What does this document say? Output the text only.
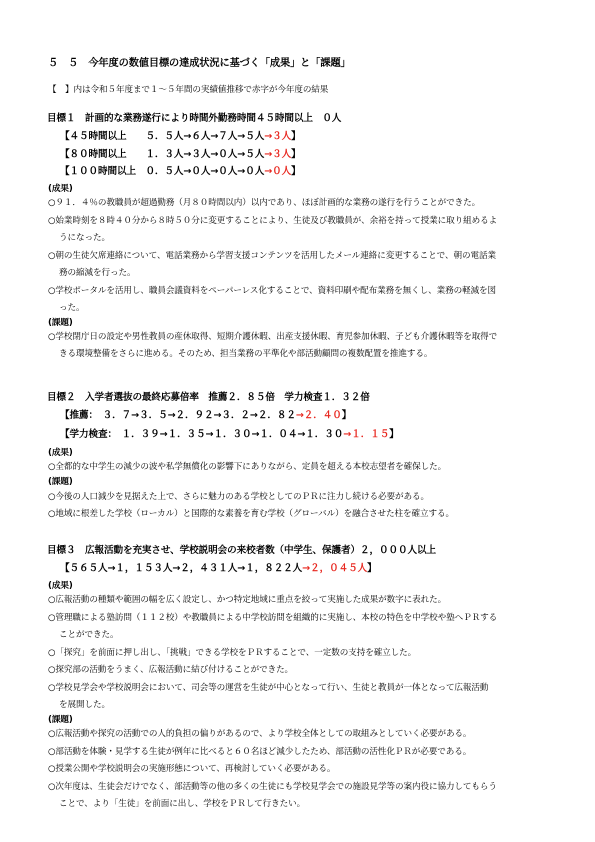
５　５　今年度の数値目標の達成状況に基づく「成果」と「課題」
【　】内は令和５年度まで１～５年間の実績値推移で赤字が今年度の結果
目標１　計画的な業務遂行により時間外勤務時間４５時間以上　０人
【４５時間以上　　５．５人→６人→７人→５人→３人】
【８０時間以上　　１．３人→３人→０人→５人→３人】
【１００時間以上　０．５人→０人→０人→０人→０人】
(成果)
○９１．４％の教職員が超過勤務（月８０時間以内）以内であり、ほぼ計画的な業務の遂行を行うことができた。
○始業時刻を８時４０分から８時５０分に変更することにより、生徒及び教職員が、余裕を持って授業に取り組めるよ
うになった。
○朝の生徒欠席連絡について、電話業務から学習支援コンテンツを活用したメール連絡に変更することで、朝の電話業
務の縮減を行った。
○学校ポータルを活用し、職員会議資料をペーパーレス化することで、資料印刷や配布業務を無くし、業務の軽減を図
った。
(課題)
○学校閉庁日の設定や男性教員の産休取得、短期介護休暇、出産支援休暇、育児参加休暇、子ども介護休暇等を取得で
きる環境整備をさらに進める。そのため、担当業務の平準化や部活動顧問の複数配置を推進する。
目標２　入学者選抜の最終応募倍率　推薦２．８５倍　学力検査１．３２倍
【推薦：　３．７→３．５→２．９２→３．２→２．８２→２．４０】
【学力検査：　１．３９→１．３５→１．３０→１．０４→１．３０→１．１５】
(成果)
○全都的な中学生の減少の波や私学無償化の影響下にありながら、定員を超える本校志望者を確保した。
(課題)
○今後の人口減少を見据えた上で、さらに魅力のある学校としてのＰＲに注力し続ける必要がある。
○地域に根差した学校（ローカル）と国際的な素養を育む学校（グローバル）を融合させた柱を確立する。
目標３　広報活動を充実させ、学校説明会の来校者数（中学生、保護者）２，０００人以上
【５６５人→１，１５３人→２，４３１人→１，８２２人→２，０４５人】
(成果)
○広報活動の種類や範囲の幅を広く設定し、かつ特定地域に重点を絞って実施した成果が数字に表れた。
○管理職による塾訪問（１１２校）や教職員による中学校訪問を組織的に実施し、本校の特色を中学校や塾へＰＲする
ことができた。
○「探究」を前面に押し出し、「挑戦」できる学校をＰＲすることで、一定数の支持を確立した。
○探究部の活動をうまく、広報活動に結び付けることができた。
○学校見学会や学校説明会において、司会等の運営を生徒が中心となって行い、生徒と教員が一体となって広報活動
を展開した。
(課題)
○広報活動や探究の活動での人的負担の偏りがあるので、より学校全体としての取組みとしていく必要がある。
○部活動を体験・見学する生徒が例年に比べると６０名ほど減少したため、部活動の活性化ＰＲが必要である。
○授業公開や学校説明会の実施形態について、再検討していく必要がある。
○次年度は、生徒会だけでなく、部活動等の他の多くの生徒にも学校見学会での施設見学等の案内役に協力してもらう
ことで、より「生徒」を前面に出し、学校をＰＲして行きたい。
